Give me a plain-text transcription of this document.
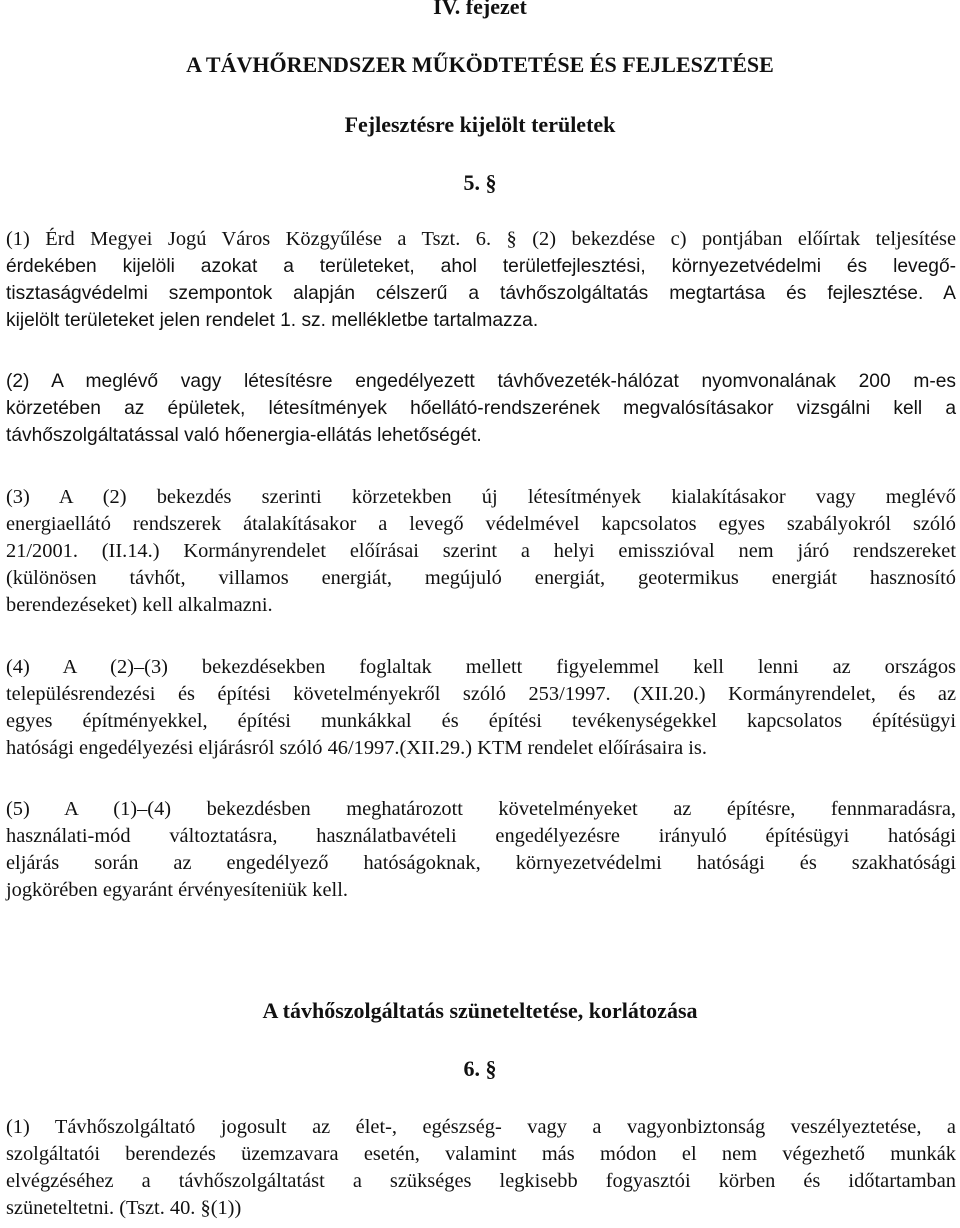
IV. fejezet
A TÁVHŐRENDSZER MŰKÖDTETÉSE ÉS FEJLESZTÉSE
Fejlesztésre kijelölt területek
5. §
(1) Érd Megyei Jogú Város Közgyűlése a Tszt. 6. § (2) bekezdése c) pontjában előírtak teljesítése
érdekében kijelöli azokat a területeket, ahol területfejlesztési, környezetvédelmi és levegő-
tisztaságvédelmi szempontok alapján célszerű a távhőszolgáltatás megtartása és fejlesztése. A
kijelölt területeket jelen rendelet 1. sz. mellékletbe tartalmazza.
(2) A meglévő vagy létesítésre engedélyezett távhővezeték-hálózat nyomvonalának 200 m-es
körzetében az épületek, létesítmények hőellátó-rendszerének megvalósításakor vizsgálni kell a
távhőszolgáltatással való hőenergia-ellátás lehetőségét.
(3) A (2) bekezdés szerinti körzetekben új létesítmények kialakításakor vagy meglévő
energiaellátó rendszerek átalakításakor a levegő védelmével kapcsolatos egyes szabályokról szóló
21/2001. (II.14.) Kormányrendelet előírásai szerint a helyi emisszióval nem járó rendszereket
(különösen távhőt, villamos energiát, megújuló energiát, geotermikus energiát hasznosító
berendezéseket) kell alkalmazni.
(4) A (2)–(3) bekezdésekben foglaltak mellett figyelemmel kell lenni az országos
településrendezési és építési követelményekről szóló 253/1997. (XII.20.) Kormányrendelet, és az
egyes építményekkel, építési munkákkal és építési tevékenységekkel kapcsolatos építésügyi
hatósági engedélyezési eljárásról szóló 46/1997.(XII.29.) KTM rendelet előírásaira is.
(5) A (1)–(4) bekezdésben meghatározott követelményeket az építésre, fennmaradásra,
használati-mód változtatásra, használatbavételi engedélyezésre irányuló építésügyi hatósági
eljárás során az engedélyező hatóságoknak, környezetvédelmi hatósági és szakhatósági
jogkörében egyaránt érvényesíteniük kell.
A távhőszolgáltatás szüneteltetése, korlátozása
6. §
(1) Távhőszolgáltató jogosult az élet-, egészség- vagy a vagyonbiztonság veszélyeztetése, a
szolgáltatói berendezés üzemzavara esetén, valamint más módon el nem végezhető munkák
elvégzéséhez a távhőszolgáltatást a szükséges legkisebb fogyasztói körben és időtartamban
szüneteltetni. (Tszt. 40. §(1))
